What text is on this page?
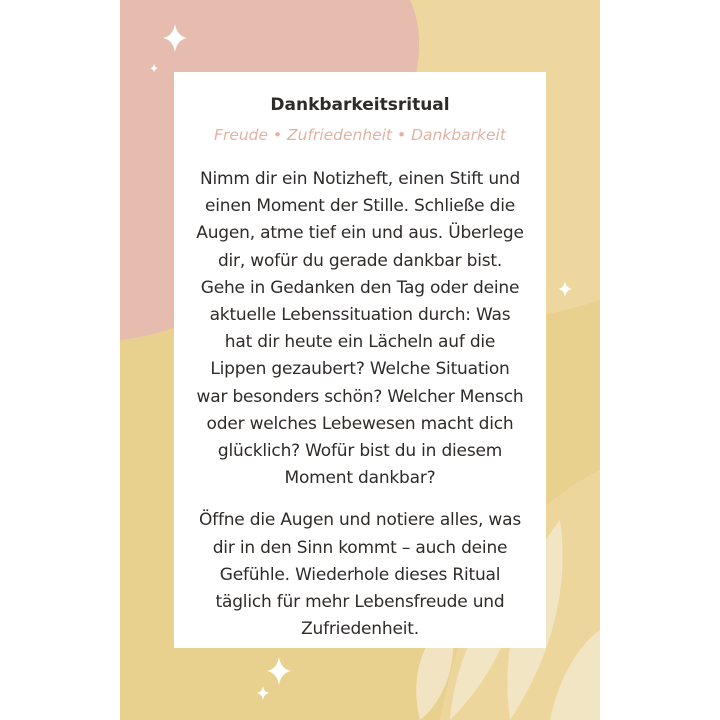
Dankbarkeitsritual

Freude • Zufriedenheit • Dankbarkeit

Nimm dir ein Notizheft, einen Stift und einen Moment der Stille. Schließe die Augen, atme tief ein und aus. Überlege dir, wofür du gerade dankbar bist. Gehe in Gedanken den Tag oder deine aktuelle Lebenssituation durch: Was hat dir heute ein Lächeln auf die Lippen gezaubert? Welche Situation war besonders schön? Welcher Mensch oder welches Lebewesen macht dich glücklich? Wofür bist du in diesem Moment dankbar?

Öffne die Augen und notiere alles, was dir in den Sinn kommt – auch deine Gefühle. Wiederhole dieses Ritual täglich für mehr Lebensfreude und Zufriedenheit.
